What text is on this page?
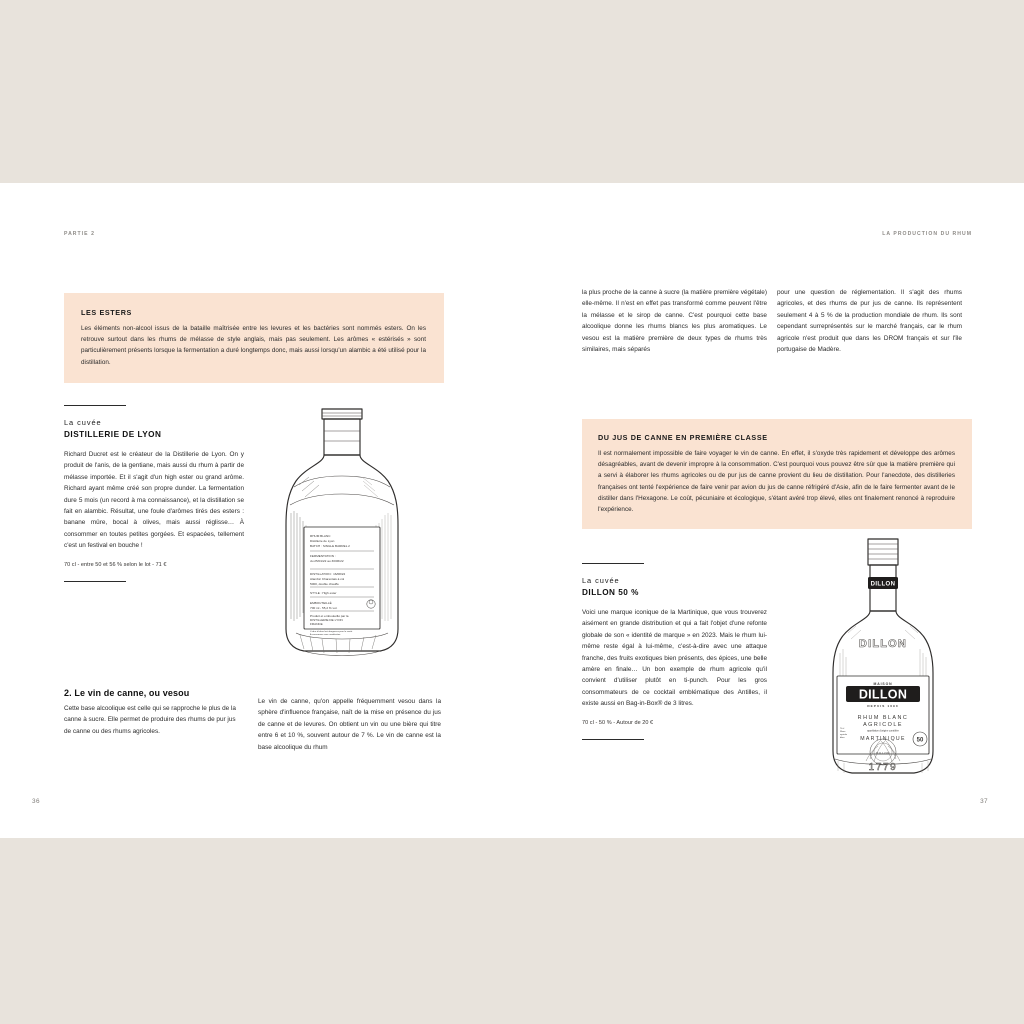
PARTIE 2

LES ESTERS

Les éléments non-alcool issus de la bataille maîtrisée entre les levures et les bactéries sont nommés esters. On les retrouve surtout dans les rhums de mélasse de style anglais, mais pas seulement. Les arômes « estérisés » sont particulièrement présents lorsque la fermentation a duré longtemps donc, mais aussi lorsqu'un alambic a été utilisé pour la distillation.

La cuvée

DISTILLERIE DE LYON

Richard Ducret est le créateur de la Distillerie de Lyon. On y produit de l'anis, de la gentiane, mais aussi du rhum à partir de mélasse importée. Et il s'agit d'un high ester ou grand arôme. Richard ayant même créé son propre dunder. La fermentation dure 5 mois (un record à ma connaissance), et la distillation se fait en alambic. Résultat, une foule d'arômes tirés des esters : banane mûre, bocal à olives, mais aussi réglisse… À consommer en toutes petites gorgées. Et espacées, tellement c'est un festival en bouche !

70 cl - entre 50 et 56 % selon le lot - 71 €

2. Le vin de canne, ou vesou

Cette base alcoolique est celle qui se rapproche le plus de la canne à sucre. Elle permet de produire des rhums de pur jus de canne ou des rhums agricoles.

Le vin de canne, qu'on appelle fréquemment vesou dans la sphère d'influence française, naît de la mise en présence du jus de canne et de levures. On obtient un vin ou une bière qui titre entre 6 et 10 %, souvent autour de 7 %. Le vin de canne est la base alcoolique du rhum

RHUM BLANC
Distillerie de Lyon
BATCH : SINGLE BARREL 2
FERMENTATION :
du 25/01/22 au 30/06/22
DISTILLATION : 16/08/22
Alambic Charentais à col
5000, double chauffe
STYLE : High ester
EMBOUTEILLÉ
700 ml - 55,2 % vol.
Produit et embouteillé par la
DISTILLERIE DE LYON
FRANCE
L'abus d'alcool est dangereux pour la santé.
À consommer avec modération.
36
LA PRODUCTION DU RHUM

la plus proche de la canne à sucre (la matière première végétale) elle-même. Il n'est en effet pas transformé comme peuvent l'être la mélasse et le sirop de canne. C'est pourquoi cette base alcoolique donne les rhums blancs les plus aromatiques. Le vesou est la matière première de deux types de rhums très similaires, mais séparés

pour une question de réglementation. Il s'agit des rhums agricoles, et des rhums de pur jus de canne. Ils représentent seulement 4 à 5 % de la production mondiale de rhum. Ils sont cependant surreprésentés sur le marché français, car le rhum agricole n'est produit que dans les DROM français et sur l'île portugaise de Madère.

DU JUS DE CANNE EN PREMIÈRE CLASSE

Il est normalement impossible de faire voyager le vin de canne. En effet, il s'oxyde très rapidement et développe des arômes désagréables, avant de devenir impropre à la consommation. C'est pourquoi vous pouvez être sûr que la matière première qui a servi à élaborer les rhums agricoles ou de pur jus de canne provient du lieu de distillation. Pour l'anecdote, des distilleries françaises ont tenté l'expérience de faire venir par avion du jus de canne réfrigéré d'Asie, afin de le faire fermenter avant de le distiller dans l'Hexagone. Le coût, pécuniaire et écologique, s'étant avéré trop élevé, elles ont finalement renoncé à reproduire l'expérience.

La cuvée

DILLON 50 %

Voici une marque iconique de la Martinique, que vous trouverez aisément en grande distribution et qui a fait l'objet d'une refonte globale de son « identité de marque » en 2023. Mais le rhum lui-même reste égal à lui-même, c'est-à-dire avec une attaque franche, des fruits exotiques bien présents, des épices, une belle amère en finale… Un bon exemple de rhum agricole qu'il convient d'utiliser plutôt en ti-punch. Pour les gros consommateurs de ce cocktail emblématique des Antilles, il existe aussi en Bag-in-Box® de 3 litres.

70 cl - 50 % - Autour de 20 €

DILLON
DILLON
MAISON
DILLON
DEPUIS 1690
RHUM BLANC
AGRICOLE
appellation d'origine contrôlée
MARTINIQUE
DILLON
50
70 cl
Rhum
agricole
blanc
1779
37
